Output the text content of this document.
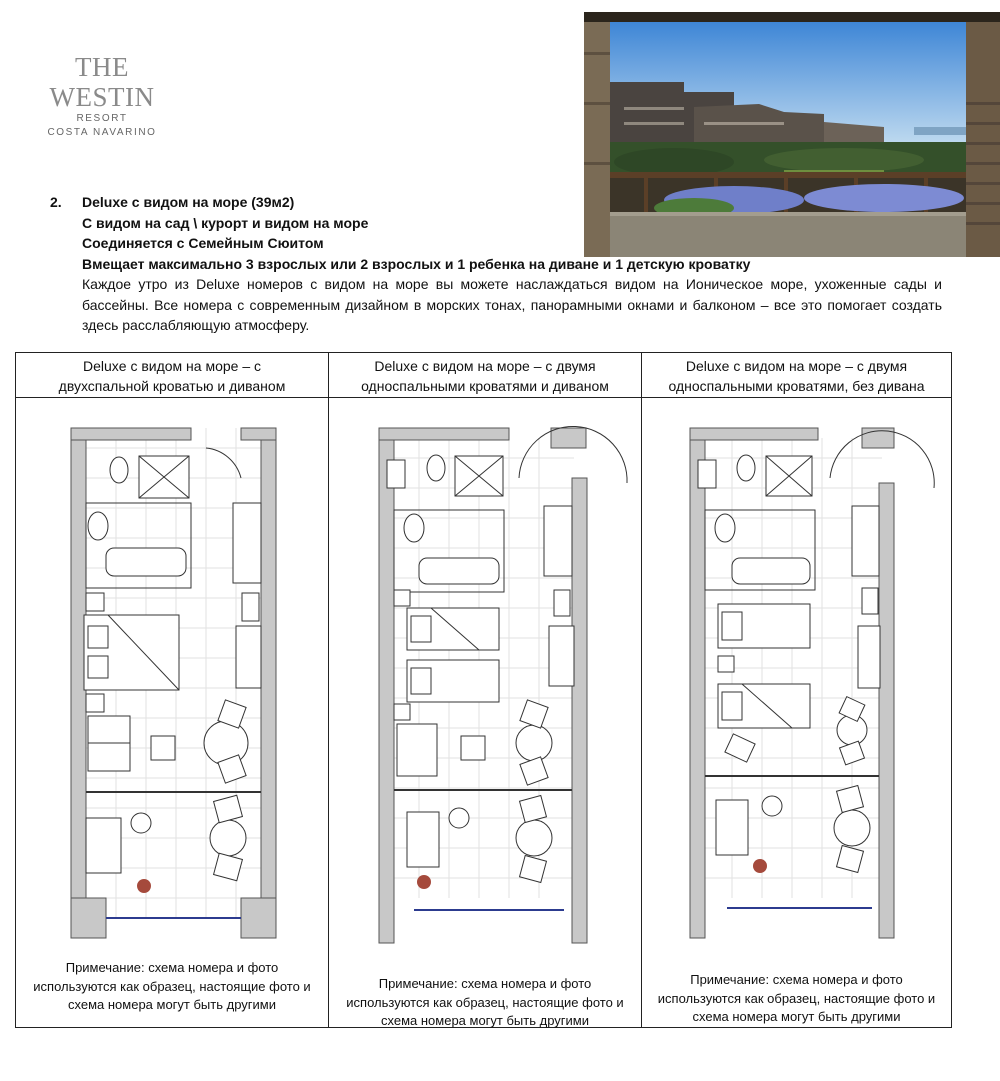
THE WESTIN
RESORT
COSTA NAVARINO
2. Deluxe с видом на море (39м2)
С видом на сад \ курорт и видом на море
Соединяется с Семейным Сюитом
Вмещает максимально 3 взрослых или 2 взрослых и 1 ребенка на диване и 1 детскую кроватку
Каждое утро из Deluxe номеров с видом на море вы можете наслаждаться видом на Ионическое море, ухоженные сады и бассейны. Все номера с современным дизайном в морских тонах, панорамными окнами и балконом – все это помогает создать здесь расслабляющую атмосферу.
Deluxe с видом на море – с
двухспальной кроватью и диваном
Примечание: схема номера и фото
используются как образец, настоящие фото и
схема номера могут быть другими
Deluxe с видом на море – с двумя
односпальными кроватями и диваном
Примечание: схема номера и фото
используются как образец, настоящие фото и
схема номера могут быть другими
Deluxe с видом на море – с двумя
односпальными кроватями, без дивана
Примечание: схема номера и фото
используются как образец, настоящие фото и
схема номера могут быть другими
